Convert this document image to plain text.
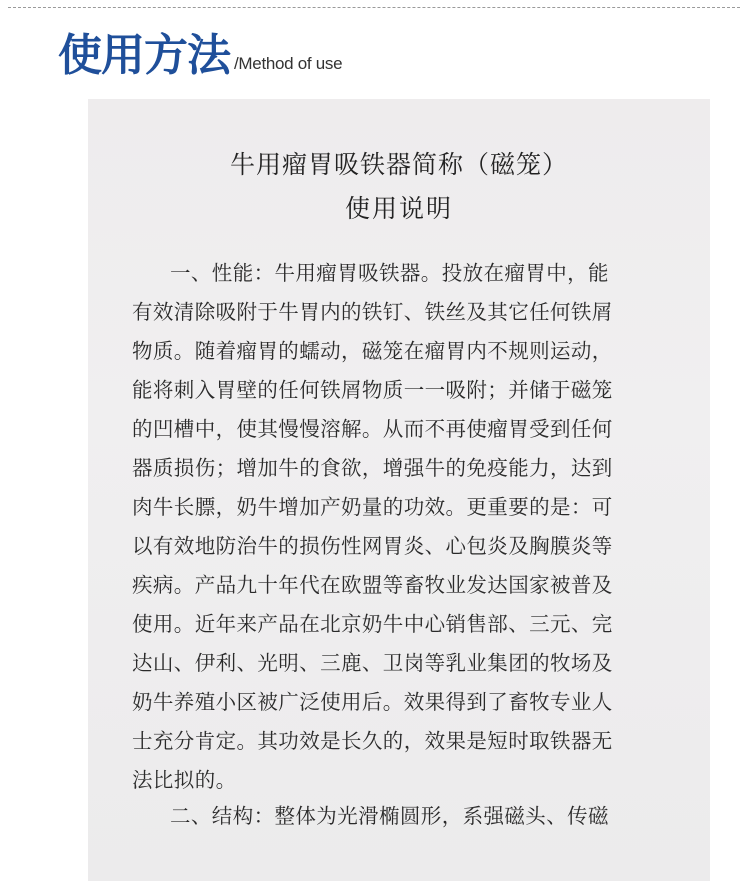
使用方法 /Method of use
牛用瘤胃吸铁器简称（磁笼）
使用说明
一、性能：牛用瘤胃吸铁器。投放在瘤胃中，能
有效清除吸附于牛胃内的铁钉、铁丝及其它任何铁屑
物质。随着瘤胃的蠕动，磁笼在瘤胃内不规则运动，
能将刺入胃壁的任何铁屑物质一一吸附；并储于磁笼
的凹槽中，使其慢慢溶解。从而不再使瘤胃受到任何
器质损伤；增加牛的食欲，增强牛的免疫能力，达到
肉牛长膘，奶牛增加产奶量的功效。更重要的是：可
以有效地防治牛的损伤性网胃炎、心包炎及胸膜炎等
疾病。产品九十年代在欧盟等畜牧业发达国家被普及
使用。近年来产品在北京奶牛中心销售部、三元、完
达山、伊利、光明、三鹿、卫岗等乳业集团的牧场及
奶牛养殖小区被广泛使用后。效果得到了畜牧专业人
士充分肯定。其功效是长久的，效果是短时取铁器无
法比拟的。
二、结构：整体为光滑椭圆形，系强磁头、传磁
